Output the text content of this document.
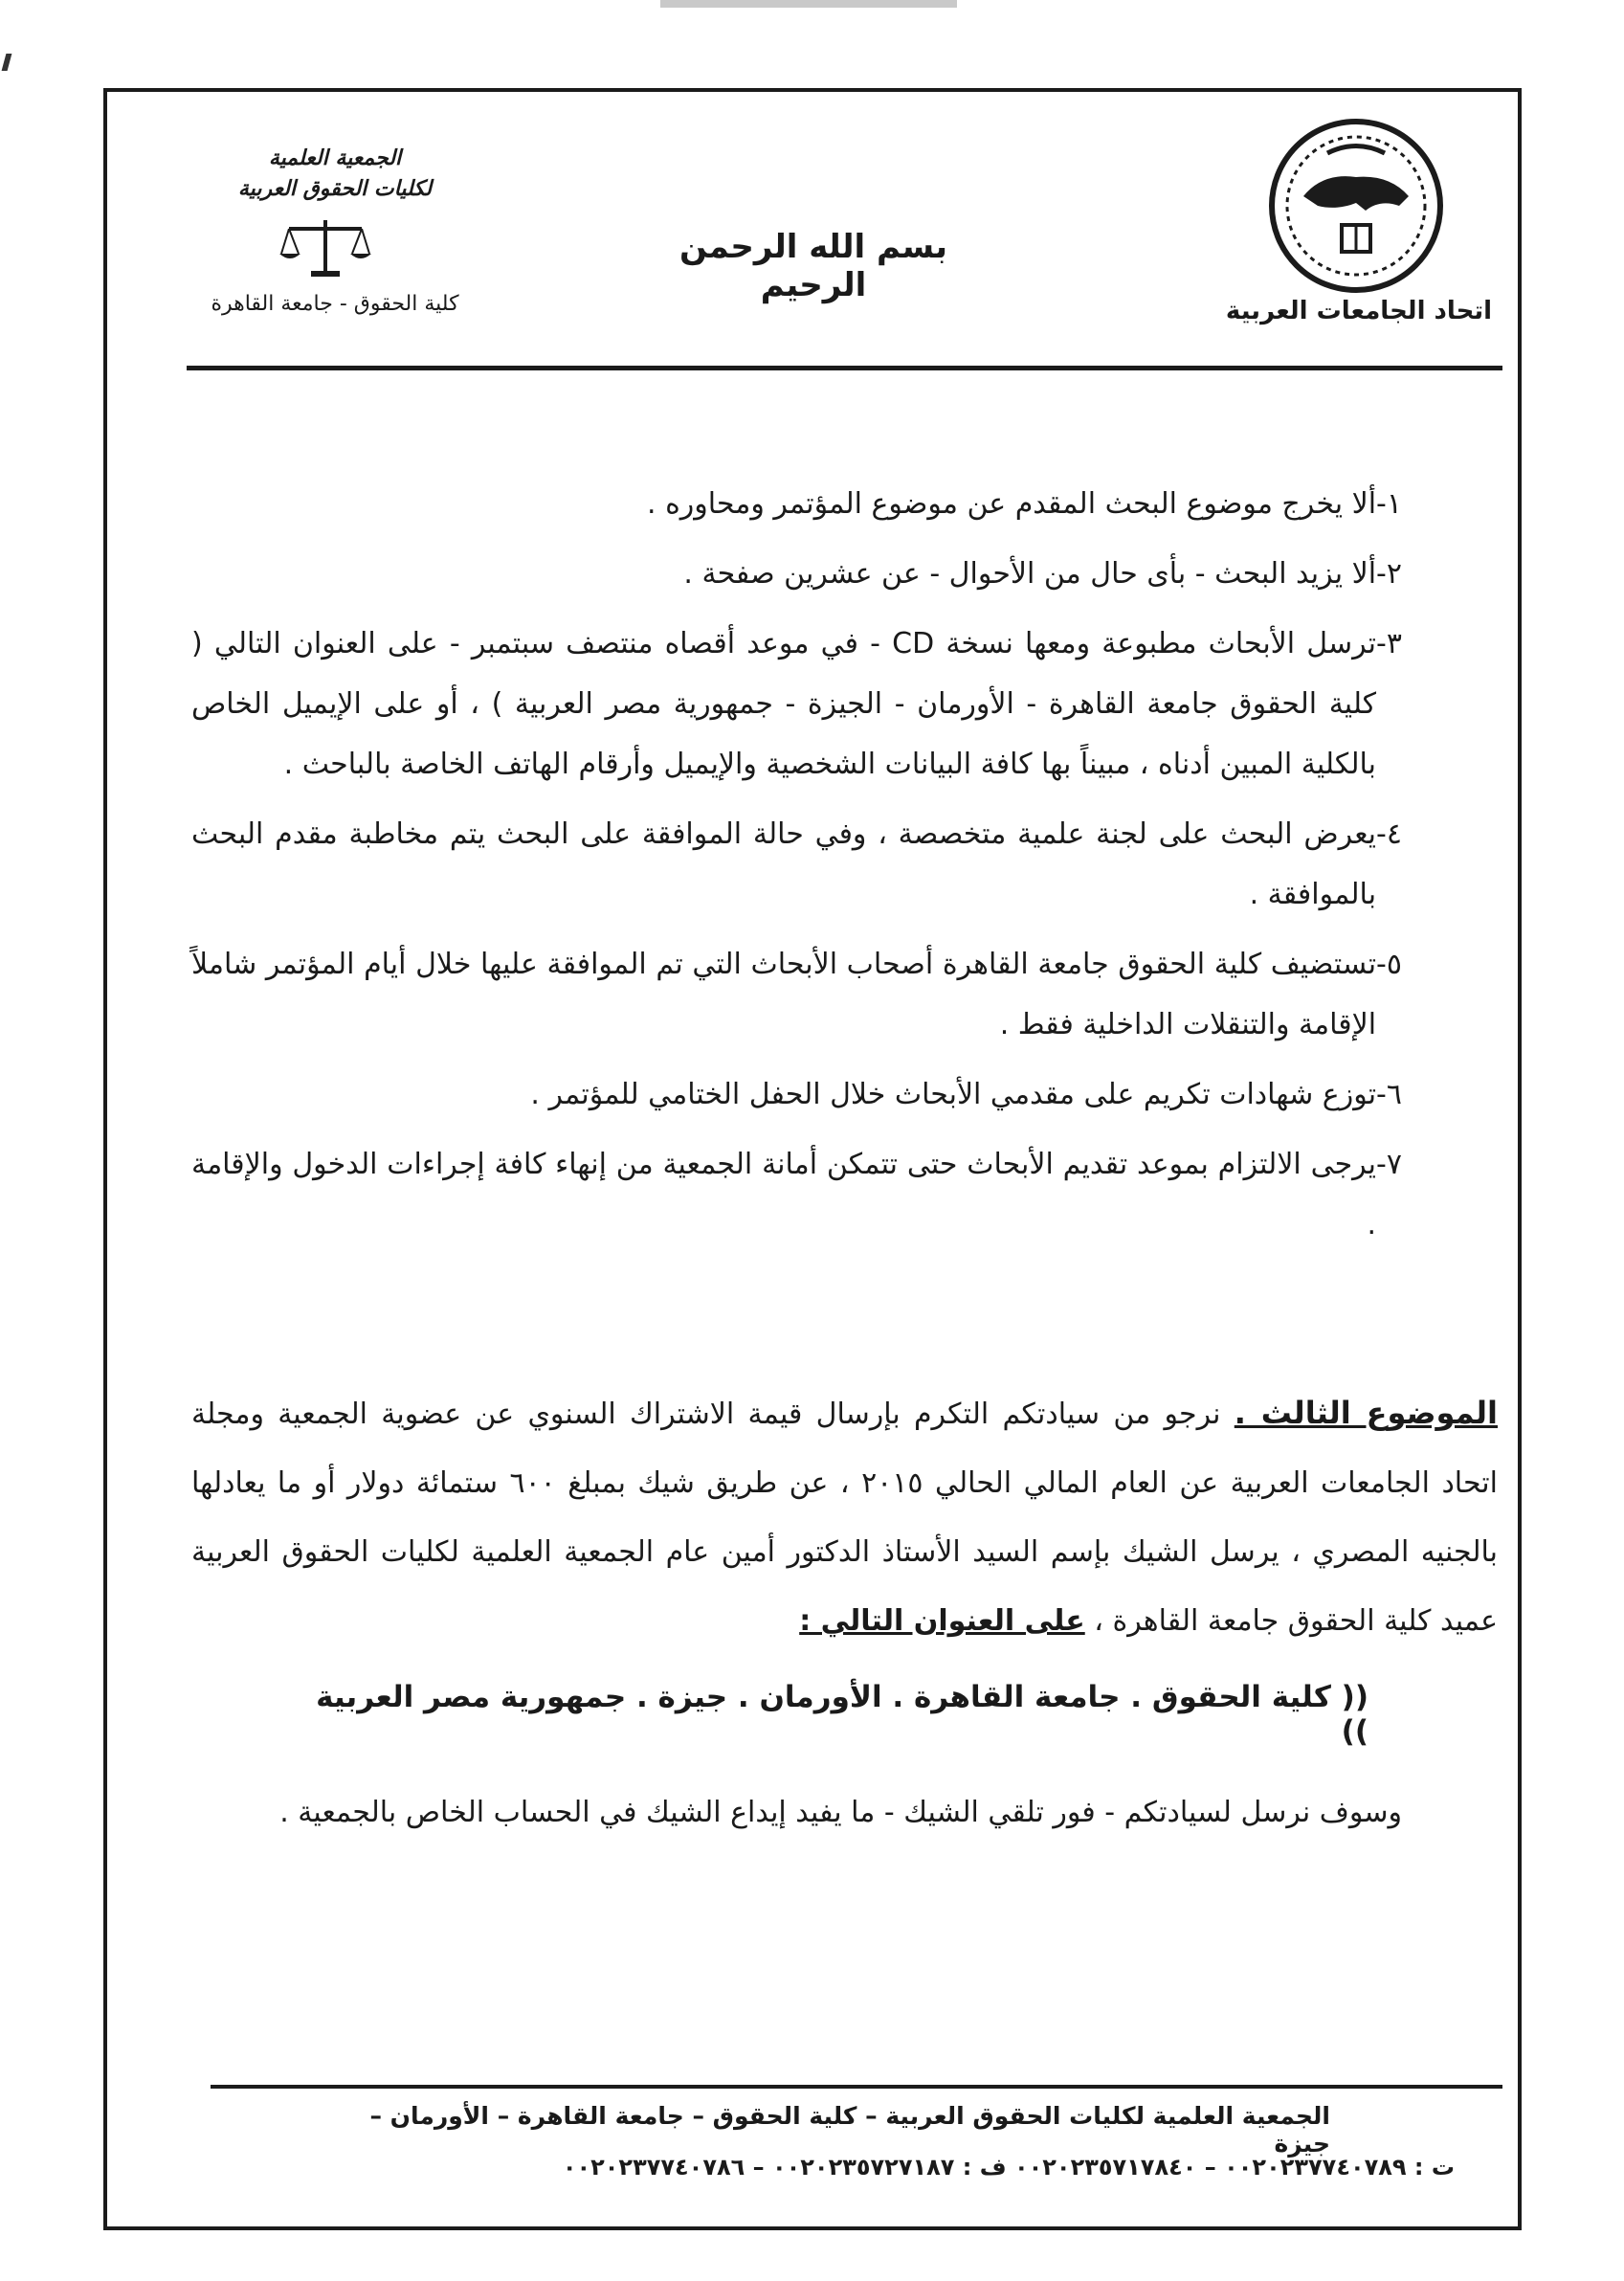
اتحاد الجامعات العربية
بسم الله الرحمن الرحيم
الجمعية العلمية
لكليات الحقوق العربية
كلية الحقوق - جامعة القاهرة
١-
ألا يخرج موضوع البحث المقدم عن موضوع المؤتمر ومحاوره .
٢-
ألا يزيد البحث - بأى حال من الأحوال - عن عشرين صفحة .
٣-
ترسل الأبحاث مطبوعة ومعها نسخة CD - في موعد أقصاه منتصف سبتمبر - على العنوان التالي ( كلية الحقوق جامعة القاهرة - الأورمان - الجيزة - جمهورية مصر العربية ) ، أو على الإيميل الخاص بالكلية المبين أدناه ، مبيناً بها كافة البيانات الشخصية والإيميل وأرقام الهاتف الخاصة بالباحث .
٤-
يعرض البحث على لجنة علمية متخصصة ، وفي حالة الموافقة على البحث يتم مخاطبة مقدم البحث بالموافقة .
٥-
تستضيف كلية الحقوق جامعة القاهرة أصحاب الأبحاث التي تم الموافقة عليها خلال أيام المؤتمر شاملاً الإقامة والتنقلات الداخلية فقط .
٦-
توزع شهادات تكريم على مقدمي الأبحاث خلال الحفل الختامي للمؤتمر .
٧-
يرجى الالتزام بموعد تقديم الأبحاث حتى تتمكن أمانة الجمعية من إنهاء كافة إجراءات الدخول والإقامة .
الموضوع الثالث . نرجو من سيادتكم التكرم بإرسال قيمة الاشتراك السنوي عن عضوية الجمعية ومجلة اتحاد الجامعات العربية عن العام المالي الحالي ٢٠١٥ ، عن طريق شيك بمبلغ ٦٠٠ ستمائة دولار أو ما يعادلها بالجنيه المصري ، يرسل الشيك بإسم السيد الأستاذ الدكتور أمين عام الجمعية العلمية لكليات الحقوق العربية عميد كلية الحقوق جامعة القاهرة ، على العنوان التالي :
(( كلية الحقوق . جامعة القاهرة . الأورمان . جيزة . جمهورية مصر العربية ))
وسوف نرسل لسيادتكم - فور تلقي الشيك - ما يفيد إيداع الشيك في الحساب الخاص بالجمعية .
الجمعية العلمية لكليات الحقوق العربية – كلية الحقوق – جامعة القاهرة – الأورمان – جيزة
ت : ٠٠٢٠٢٣٧٧٤٠٧٨٩ – ٠٠٢٠٢٣٥٧١٧٨٤٠ ف : ٠٠٢٠٢٣٥٧٢٧١٨٧ – ٠٠٢٠٢٣٧٧٤٠٧٨٦
